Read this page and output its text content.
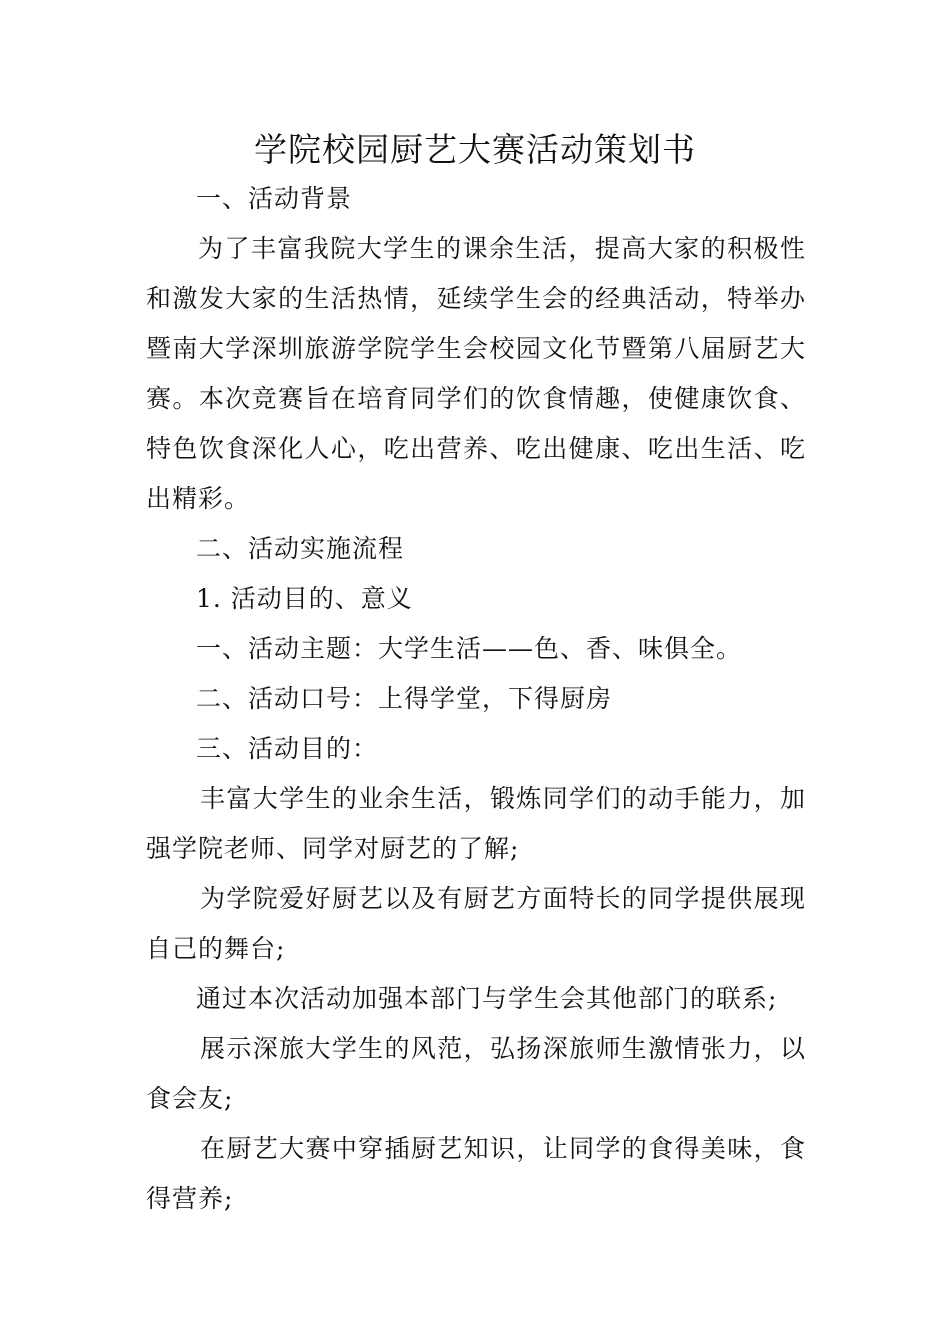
学院校园厨艺大赛活动策划书
一、活动背景
为了丰富我院大学生的课余生活，提高大家的积极性
和激发大家的生活热情，延续学生会的经典活动，特举办
暨南大学深圳旅游学院学生会校园文化节暨第八届厨艺大
赛。本次竞赛旨在培育同学们的饮食情趣，使健康饮食、
特色饮食深化人心，吃出营养、吃出健康、吃出生活、吃
出精彩。
二、活动实施流程
1. 活动目的、意义
一、活动主题：大学生活——色、香、味俱全。
二、活动口号：上得学堂，下得厨房
三、活动目的：
丰富大学生的业余生活，锻炼同学们的动手能力，加
强学院老师、同学对厨艺的了解;
为学院爱好厨艺以及有厨艺方面特长的同学提供展现
自己的舞台;
通过本次活动加强本部门与学生会其他部门的联系;
展示深旅大学生的风范，弘扬深旅师生激情张力，以
食会友;
在厨艺大赛中穿插厨艺知识，让同学的食得美味，食
得营养;
